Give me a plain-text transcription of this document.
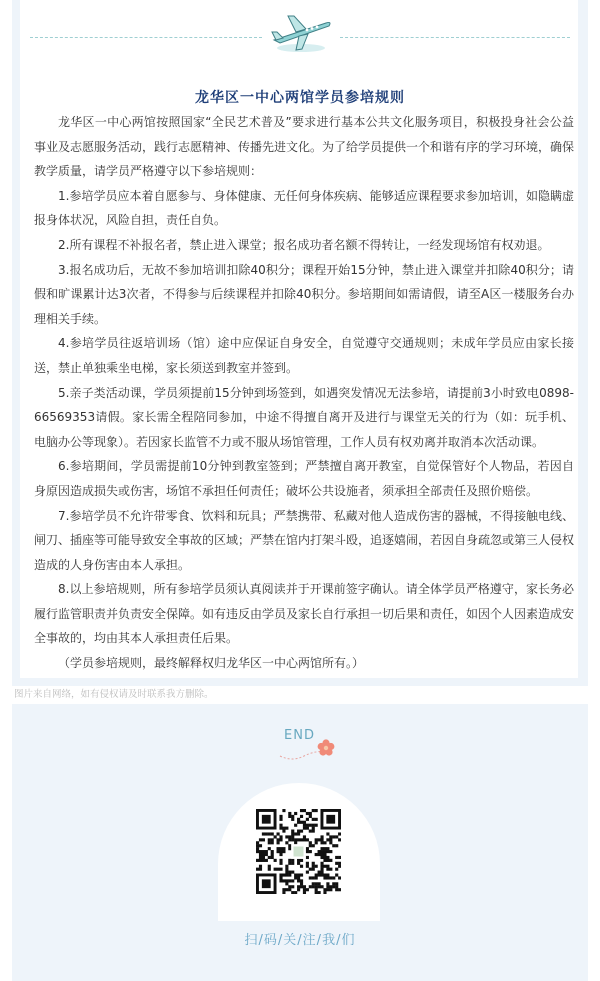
龙华区一中心两馆学员参培规则

龙华区一中心两馆按照国家“全民艺术普及”要求进行基本公共文化服务项目，积极投身社会公益事业及志愿服务活动，践行志愿精神、传播先进文化。为了给学员提供一个和谐有序的学习环境，确保教学质量，请学员严格遵守以下参培规则：

1.参培学员应本着自愿参与、身体健康、无任何身体疾病、能够适应课程要求参加培训，如隐瞒虚报身体状况，风险自担，责任自负。

2.所有课程不补报名者，禁止进入课堂；报名成功者名额不得转让，一经发现场馆有权劝退。

3.报名成功后，无故不参加培训扣除40积分；课程开始15分钟，禁止进入课堂并扣除40积分；请假和旷课累计达3次者，不得参与后续课程并扣除40积分。参培期间如需请假，请至A区一楼服务台办理相关手续。

4.参培学员往返培训场（馆）途中应保证自身安全，自觉遵守交通规则；未成年学员应由家长接送，禁止单独乘坐电梯，家长须送到教室并签到。

5.亲子类活动课，学员须提前15分钟到场签到，如遇突发情况无法参培，请提前3小时致电0898-66569353请假。家长需全程陪同参加，中途不得擅自离开及进行与课堂无关的行为（如：玩手机、电脑办公等现象）。若因家长监管不力或不服从场馆管理，工作人员有权劝离并取消本次活动课。

6.参培期间，学员需提前10分钟到教室签到；严禁擅自离开教室，自觉保管好个人物品，若因自身原因造成损失或伤害，场馆不承担任何责任；破坏公共设施者，须承担全部责任及照价赔偿。

7.参培学员不允许带零食、饮料和玩具；严禁携带、私藏对他人造成伤害的器械，不得接触电线、闸刀、插座等可能导致安全事故的区域；严禁在馆内打架斗殴，追逐嬉闹，若因自身疏忽或第三人侵权造成的人身伤害由本人承担。

8.以上参培规则，所有参培学员须认真阅读并于开课前签字确认。请全体学员严格遵守，家长务必履行监管职责并负责安全保障。如有违反由学员及家长自行承担一切后果和责任，如因个人因素造成安全事故的，均由其本人承担责任后果。

（学员参培规则，最终解释权归龙华区一中心两馆所有。）

图片来自网络，如有侵权请及时联系我方删除。
END
扫/码/关/注/我/们
